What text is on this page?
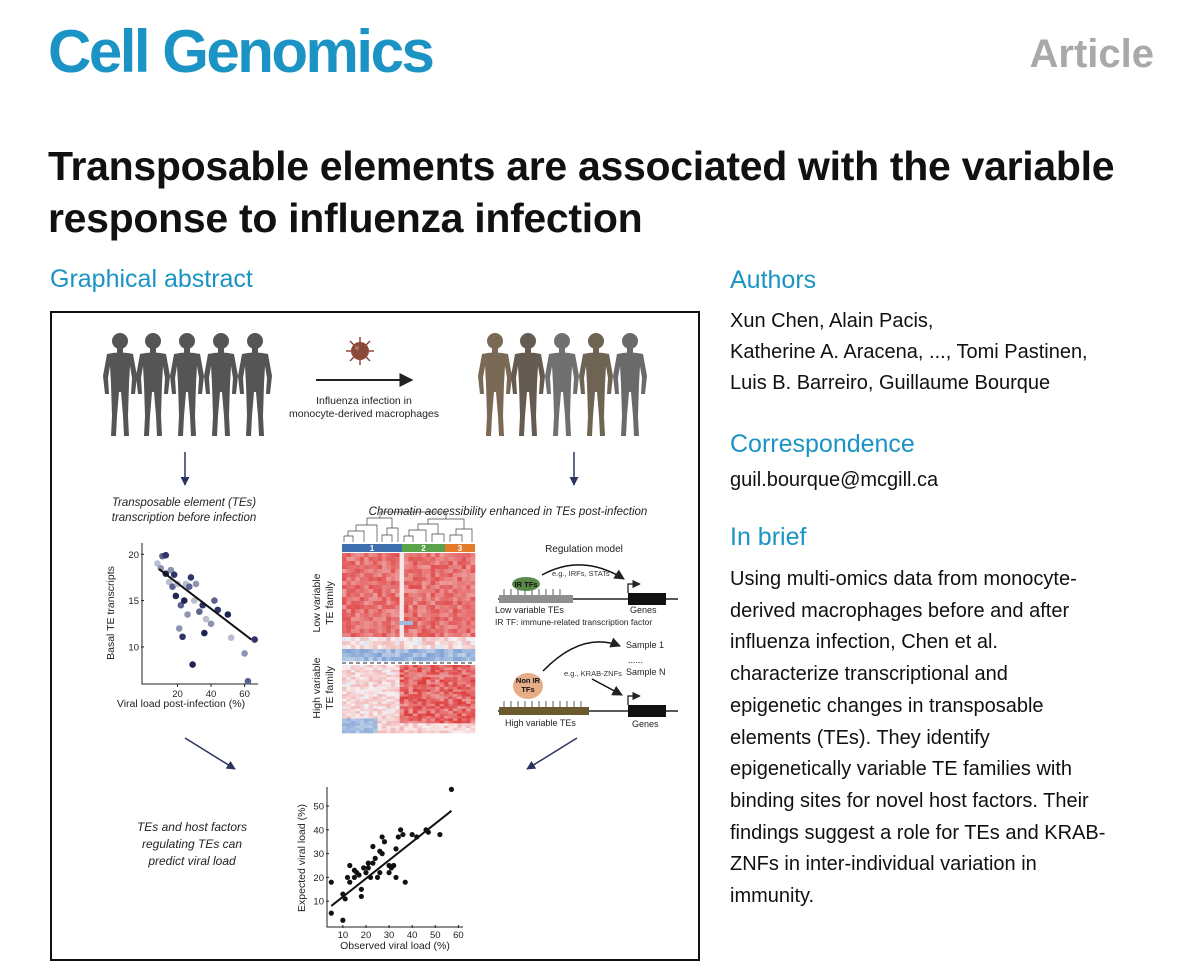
Cell Genomics	Article
Transposable elements are associated with the variable response to influenza infection
Graphical abstract	Authors
Xun Chen, Alain Pacis,
Katherine A. Aracena, ..., Tomi Pastinen,
Luis B. Barreiro, Guillaume Bourque
Correspondence
guil.bourque@mcgill.ca
In brief
Using multi-omics data from monocyte-
derived macrophages before and after
influenza infection, Chen et al.
characterize transcriptional and
epigenetic changes in transposable
elements (TEs). They identify
epigenetically variable TE families with
binding sites for novel host factors. Their
findings suggest a role for TEs and KRAB-
ZNFs in inter-individual variation in
immunity.
Influenza infection in
monocyte-derived macrophages
Transposable element (TEs)
transcription before infection	Chromatin accessibility enhanced in TEs post-infection
20 40 60
10
15
20
Viral load post-infection (%)
Basal TE transcripts
1	2	3
Low variable TE family
High variable TE family
Regulation model
IR TFs
e.g., IRFs, STATs
Low variable TEs	Genes
IR TF: immune-related transcription factor
Non IR
TFs
e.g., KRAB-ZNFs
Sample 1
......
Sample N
High variable TEs	Genes
TEs and host factors
regulating TEs can
predict viral load
10 20 30 40 50 60
10
20
30
40
50
Observed viral load (%)
Expected viral load (%)
